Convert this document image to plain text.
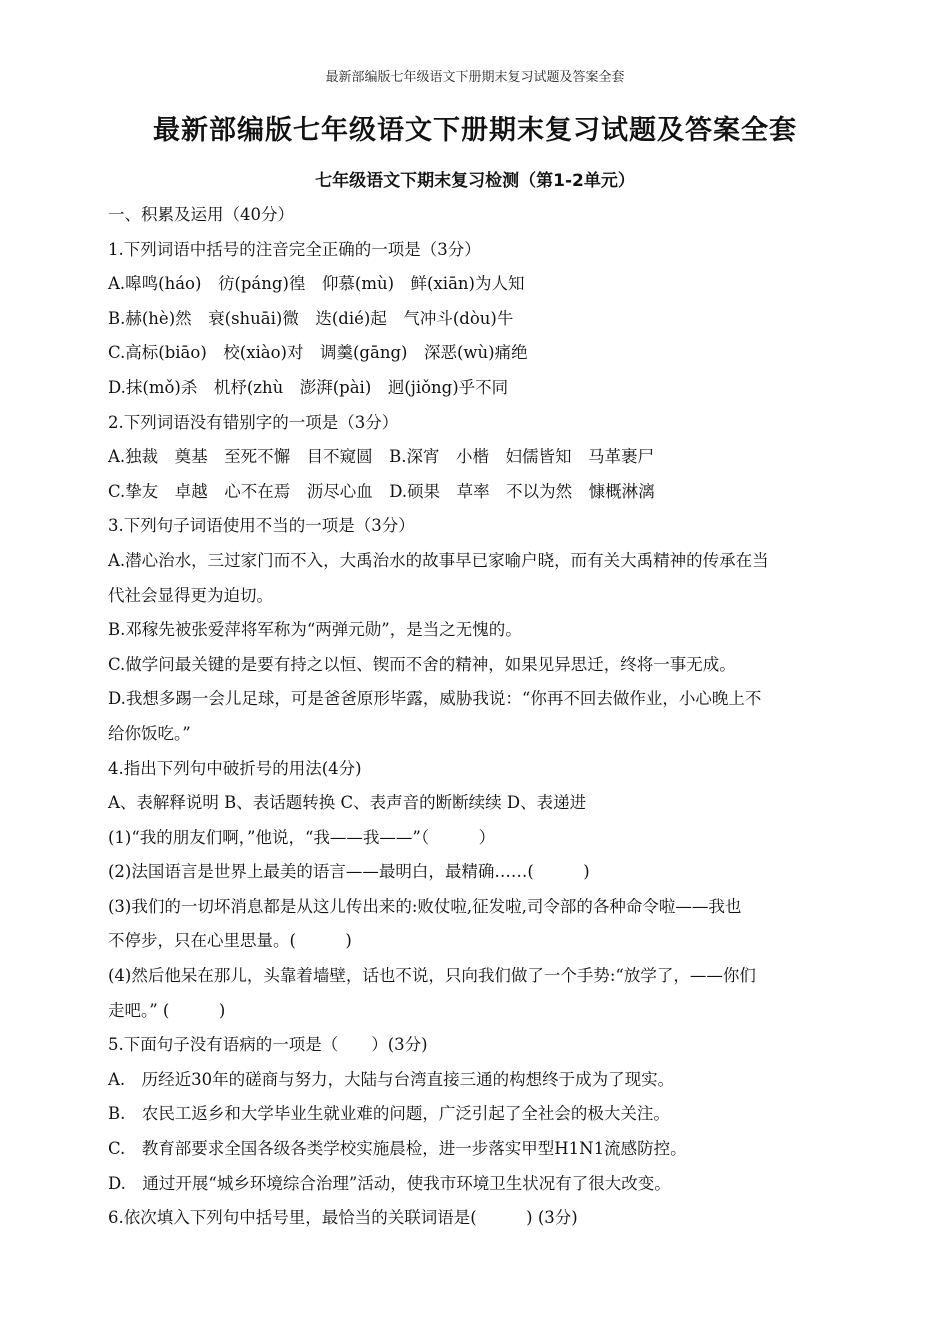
最新部编版七年级语文下册期末复习试题及答案全套
最新部编版七年级语文下册期末复习试题及答案全套
七年级语文下期末复习检测（第1-2单元）
一、积累及运用（40分）
1.下列词语中括号的注音完全正确的一项是（3分）
A.嗥鸣(háo)　彷(páng)徨　仰慕(mù)　鲜(xiān)为人知
B.赫(hè)然　衰(shuāi)微　迭(dié)起　气冲斗(dòu)牛
C.高标(biāo)　校(xiào)对　调羹(gāng)　深恶(wù)痛绝
D.抹(mǒ)杀　机杼(zhù　澎湃(pài)　迥(jiǒng)乎不同
2.下列词语没有错别字的一项是（3分）
A.独裁　奠基　至死不懈　目不窥圆　B.深宵　小楷　妇儒皆知　马革裹尸
C.挚友　卓越　心不在焉　沥尽心血　D.硕果　草率　不以为然　慷概淋漓
3.下列句子词语使用不当的一项是（3分）
A.潜心治水，三过家门而不入，大禹治水的故事早已家喻户晓，而有关大禹精神的传承在当
代社会显得更为迫切。
B.邓稼先被张爱萍将军称为“两弹元勋”，是当之无愧的。
C.做学问最关键的是要有持之以恒、锲而不舍的精神，如果见异思迁，终将一事无成。
D.我想多踢一会儿足球，可是爸爸原形毕露，威胁我说：“你再不回去做作业，小心晚上不
给你饭吃。”
4.指出下列句中破折号的用法(4分)
A、表解释说明 B、表话题转换 C、表声音的断断续续 D、表递进
(1)“我的朋友们啊，”他说，“我——我——”（　　　）
(2)法国语言是世界上最美的语言——最明白，最精确……(　　　)
(3)我们的一切坏消息都是从这儿传出来的:败仗啦,征发啦,司令部的各种命令啦——我也
不停步，只在心里思量。(　　　)
(4)然后他呆在那儿，头靠着墙壁，话也不说，只向我们做了一个手势:“放学了，——你们
走吧。” (　　　)
5.下面句子没有语病的一项是（　　）(3分)
A.　历经近30年的磋商与努力，大陆与台湾直接三通的构想终于成为了现实。
B.　农民工返乡和大学毕业生就业难的问题，广泛引起了全社会的极大关注。
C.　教育部要求全国各级各类学校实施晨检，进一步落实甲型H1N1流感防控。
D.　通过开展“城乡环境综合治理”活动，使我市环境卫生状况有了很大改变。
6.依次填入下列句中括号里，最恰当的关联词语是(　　　) (3分)
